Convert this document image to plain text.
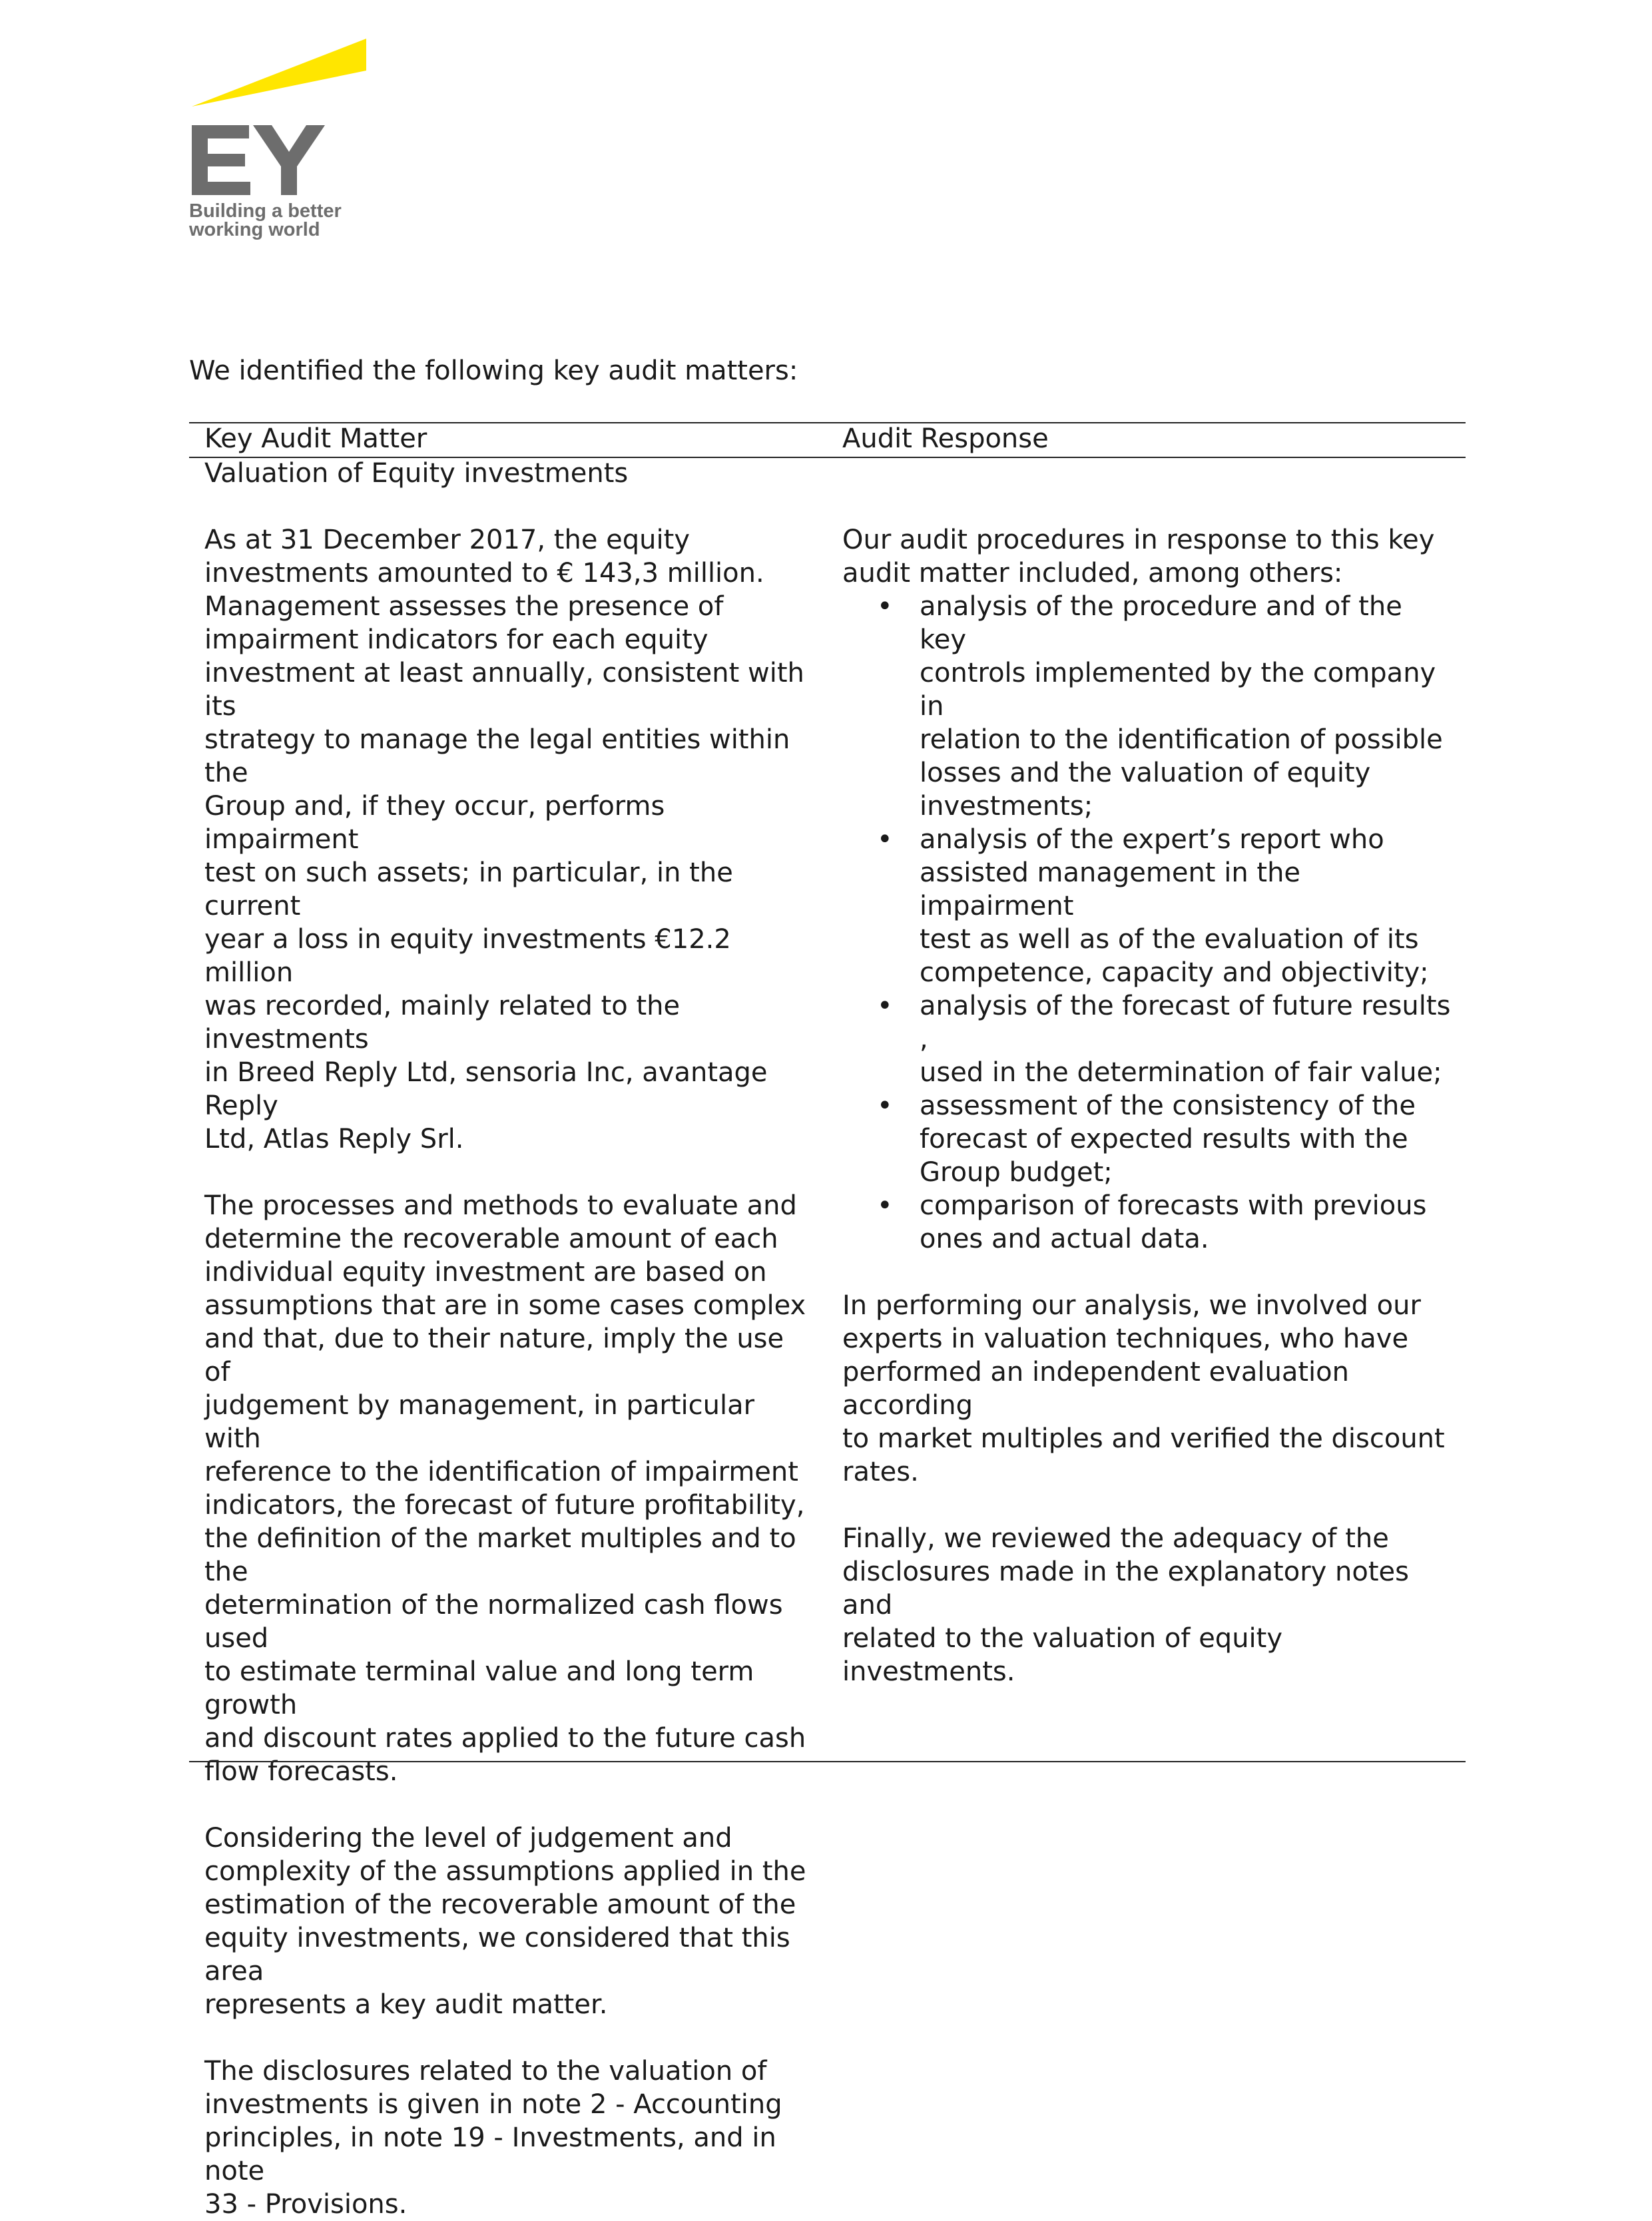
Building a better
working world
We identified the following key audit matters:
Key Audit Matter	Audit Response

Valuation of Equity investments

As at 31 December 2017, the equity
investments amounted to € 143,3 million.
Management assesses the presence of
impairment indicators for each equity
investment at least annually, consistent with its
strategy to manage the legal entities within the
Group and, if they occur, performs impairment
test on such assets; in particular, in the current
year a loss in equity investments €12.2 million
was recorded, mainly related to the investments
in Breed Reply Ltd, sensoria Inc, avantage Reply
Ltd, Atlas Reply Srl.

The processes and methods to evaluate and
determine the recoverable amount of each
individual equity investment are based on
assumptions that are in some cases complex
and that, due to their nature, imply the use of
judgement by management, in particular with
reference to the identification of impairment
indicators, the forecast of future profitability,
the definition of the market multiples and to the
determination of the normalized cash flows used
to estimate terminal value and long term growth
and discount rates applied to the future cash
flow forecasts.

Considering the level of judgement and
complexity of the assumptions applied in the
estimation of the recoverable amount of the
equity investments, we considered that this area
represents a key audit matter.

The disclosures related to the valuation of
investments is given in note 2 - Accounting
principles, in note 19 - Investments, and in note
33 - Provisions.

Our audit procedures in response to this key
audit matter included, among others:

• analysis of the procedure and of the key
controls implemented by the company in
relation to the identification of possible
losses and the valuation of equity
investments;
• analysis of the expert’s report who
assisted management in the impairment
test as well as of the evaluation of its
competence, capacity and objectivity;
• analysis of the forecast of future results ,
used in the determination of fair value;
• assessment of the consistency of the
forecast of expected results with the
Group budget;
• comparison of forecasts with previous
ones and actual data.

In performing our analysis, we involved our
experts in valuation techniques, who have
performed an independent evaluation according
to market multiples and verified the discount
rates.

Finally, we reviewed the adequacy of the
disclosures made in the explanatory notes and
related to the valuation of equity investments.
